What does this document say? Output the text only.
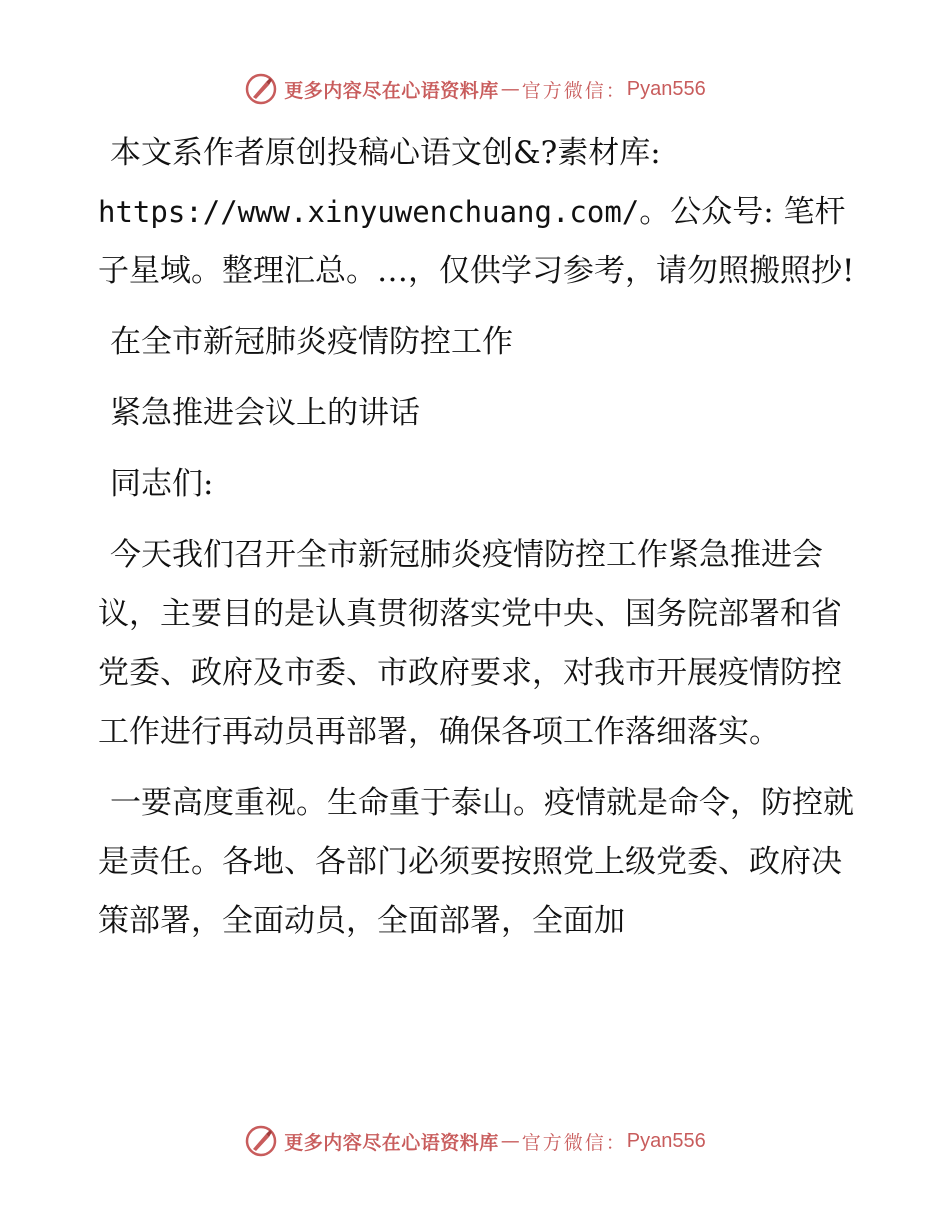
更多内容尽在心语资料库 — 官方微信： Pyan556

本文系作者原创投稿心语文创&?素材库:
https://www.xinyuwenchuang.com/。公众号: 笔杆子星域。整理汇总。…，仅供学习参考，请勿照搬照抄!

在全市新冠肺炎疫情防控工作

紧急推进会议上的讲话

同志们:

今天我们召开全市新冠肺炎疫情防控工作紧急推进会议，主要目的是认真贯彻落实党中央、国务院部署和省党委、政府及市委、市政府要求，对我市开展疫情防控工作进行再动员再部署，确保各项工作落细落实。

一要高度重视。生命重于泰山。疫情就是命令，防控就是责任。各地、各部门必须要按照党上级党委、政府决策部署，全面动员，全面部署，全面加

更多内容尽在心语资料库 — 官方微信： Pyan556
